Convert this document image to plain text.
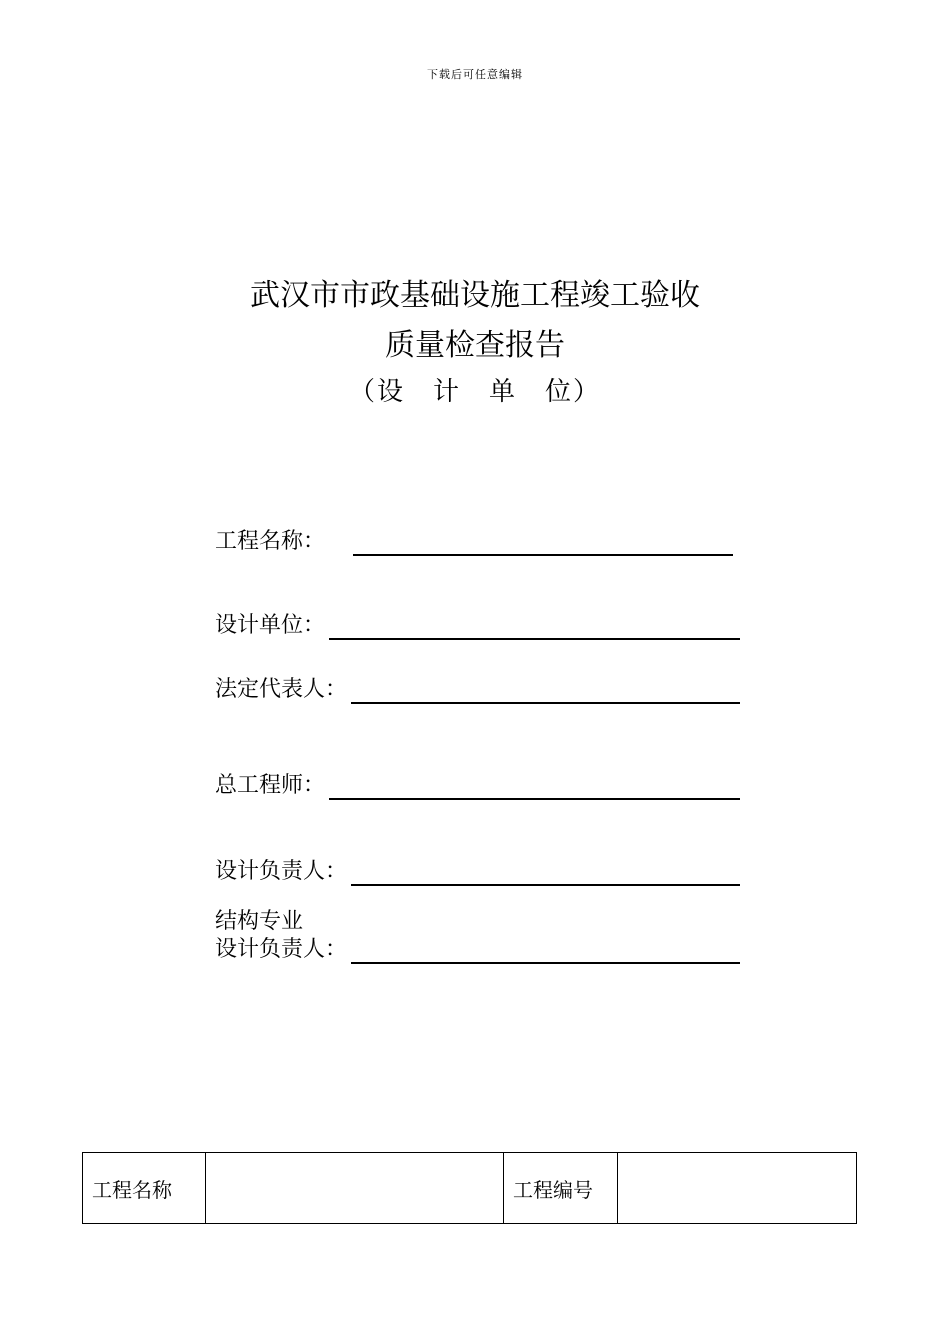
下载后可任意编辑
武汉市市政基础设施工程竣工验收
质量检查报告
（设　计　单　位）
工程名称：
设计单位：
法定代表人：
总工程师：
设计负责人：
结构专业
设计负责人：
工程名称		工程编号	
